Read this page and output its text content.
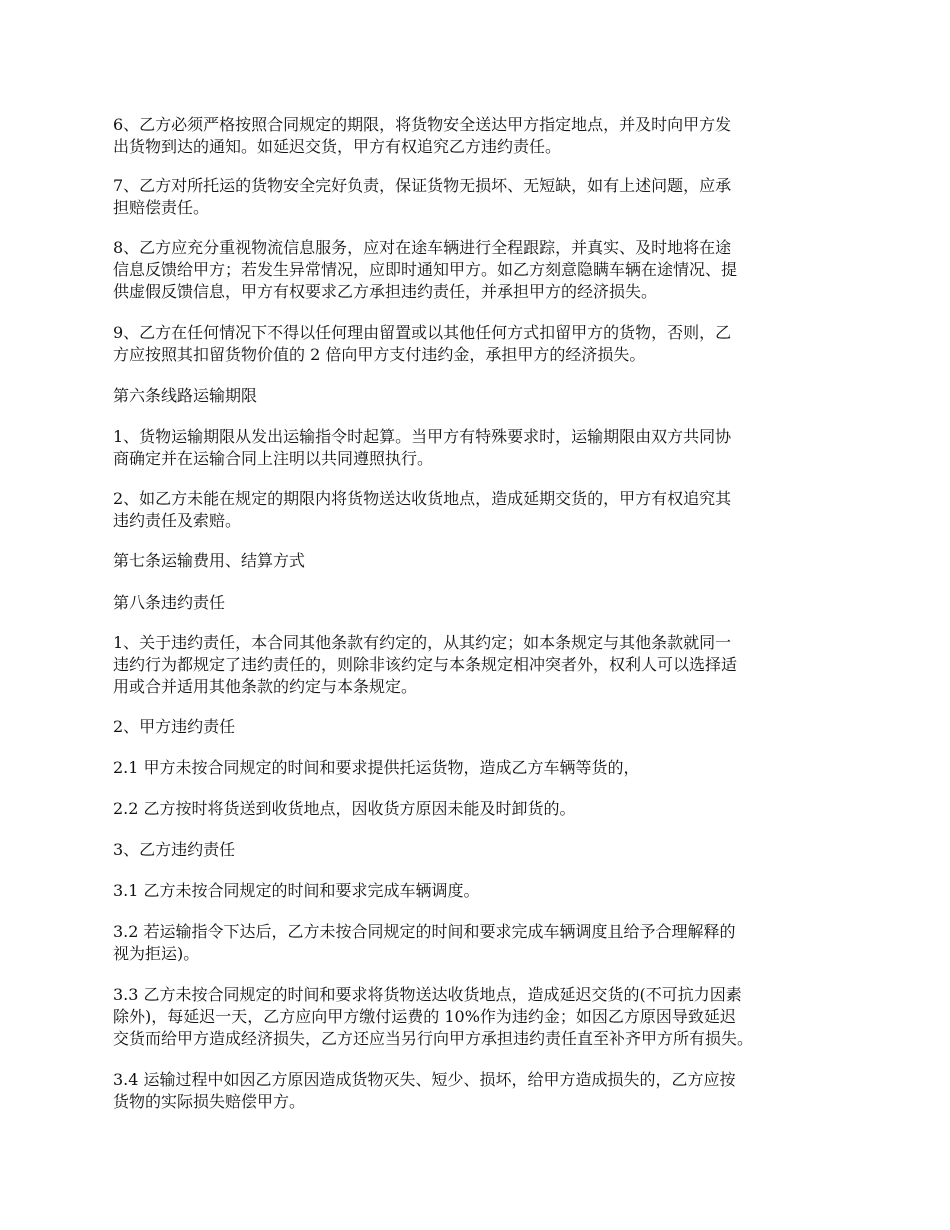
6、乙方必须严格按照合同规定的期限，将货物安全送达甲方指定地点，并及时向甲方发
出货物到达的通知。如延迟交货，甲方有权追究乙方违约责任。

7、乙方对所托运的货物安全完好负责，保证货物无损坏、无短缺，如有上述问题，应承
担赔偿责任。

8、乙方应充分重视物流信息服务，应对在途车辆进行全程跟踪，并真实、及时地将在途
信息反馈给甲方；若发生异常情况，应即时通知甲方。如乙方刻意隐瞒车辆在途情况、提
供虚假反馈信息，甲方有权要求乙方承担违约责任，并承担甲方的经济损失。

9、乙方在任何情况下不得以任何理由留置或以其他任何方式扣留甲方的货物，否则，乙
方应按照其扣留货物价值的 2 倍向甲方支付违约金，承担甲方的经济损失。

第六条线路运输期限

1、货物运输期限从发出运输指令时起算。当甲方有特殊要求时，运输期限由双方共同协
商确定并在运输合同上注明以共同遵照执行。

2、如乙方未能在规定的期限内将货物送达收货地点，造成延期交货的，甲方有权追究其
违约责任及索赔。

第七条运输费用、结算方式

第八条违约责任

1、关于违约责任，本合同其他条款有约定的，从其约定；如本条规定与其他条款就同一
违约行为都规定了违约责任的，则除非该约定与本条规定相冲突者外，权利人可以选择适
用或合并适用其他条款的约定与本条规定。

2、甲方违约责任

2.1 甲方未按合同规定的时间和要求提供托运货物，造成乙方车辆等货的，

2.2 乙方按时将货送到收货地点，因收货方原因未能及时卸货的。

3、乙方违约责任

3.1 乙方未按合同规定的时间和要求完成车辆调度。

3.2 若运输指令下达后，乙方未按合同规定的时间和要求完成车辆调度且给予合理解释的
视为拒运)。

3.3 乙方未按合同规定的时间和要求将货物送达收货地点，造成延迟交货的(不可抗力因素
除外)，每延迟一天，乙方应向甲方缴付运费的 10%作为违约金；如因乙方原因导致延迟
交货而给甲方造成经济损失，乙方还应当另行向甲方承担违约责任直至补齐甲方所有损失。

3.4 运输过程中如因乙方原因造成货物灭失、短少、损坏，给甲方造成损失的，乙方应按
货物的实际损失赔偿甲方。
